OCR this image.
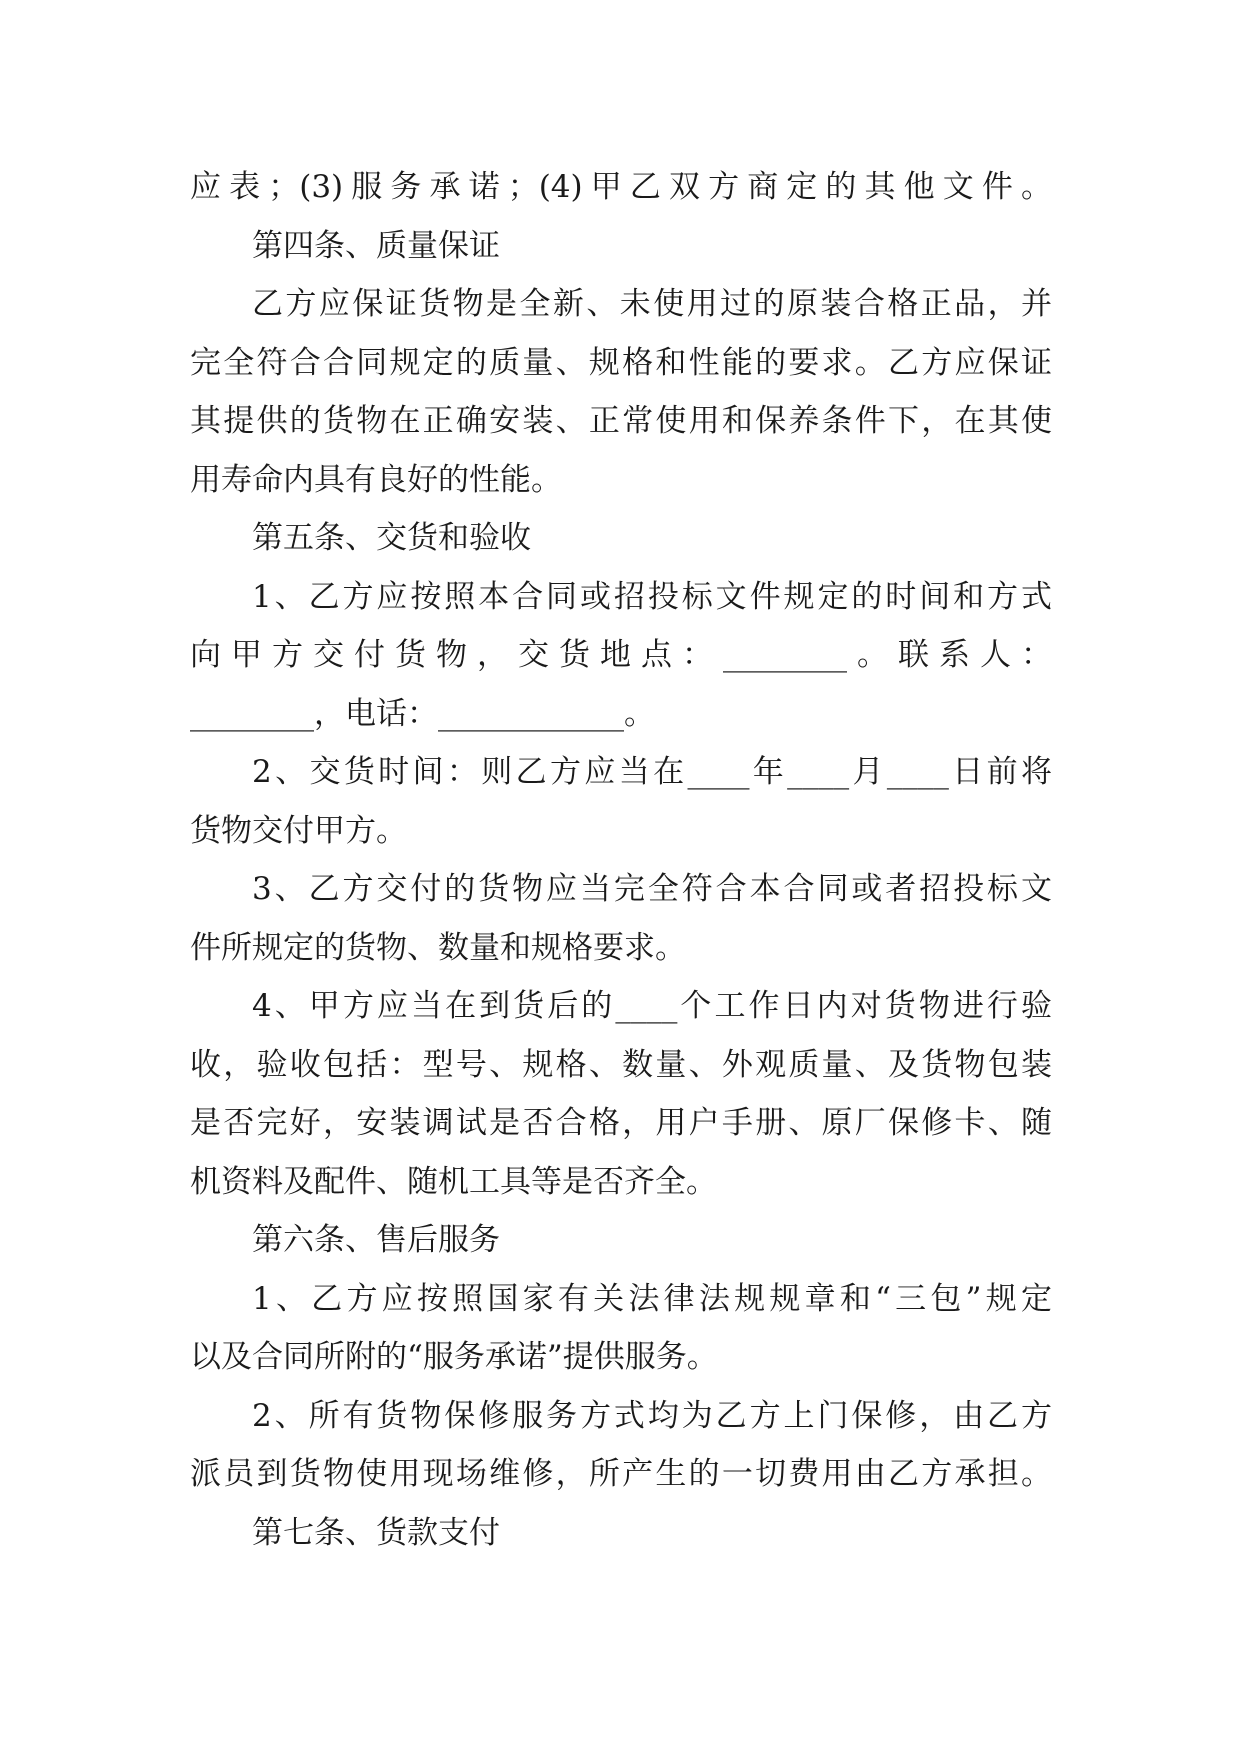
应表；(3)服务承诺；(4)甲乙双方商定的其他文件。
第四条、质量保证
乙方应保证货物是全新、未使用过的原装合格正品，并
完全符合合同规定的质量、规格和性能的要求。乙方应保证
其提供的货物在正确安装、正常使用和保养条件下，在其使
用寿命内具有良好的性能。
第五条、交货和验收
1、乙方应按照本合同或招投标文件规定的时间和方式
向甲方交付货物，交货地点：________。联系人：
________，电话：____________。
2、交货时间：则乙方应当在____年____月____日前将
货物交付甲方。
3、乙方交付的货物应当完全符合本合同或者招投标文
件所规定的货物、数量和规格要求。
4、甲方应当在到货后的____个工作日内对货物进行验
收，验收包括：型号、规格、数量、外观质量、及货物包装
是否完好，安装调试是否合格，用户手册、原厂保修卡、随
机资料及配件、随机工具等是否齐全。
第六条、售后服务
1、乙方应按照国家有关法律法规规章和“三包”规定
以及合同所附的“服务承诺”提供服务。
2、所有货物保修服务方式均为乙方上门保修，由乙方
派员到货物使用现场维修，所产生的一切费用由乙方承担。
第七条、货款支付
